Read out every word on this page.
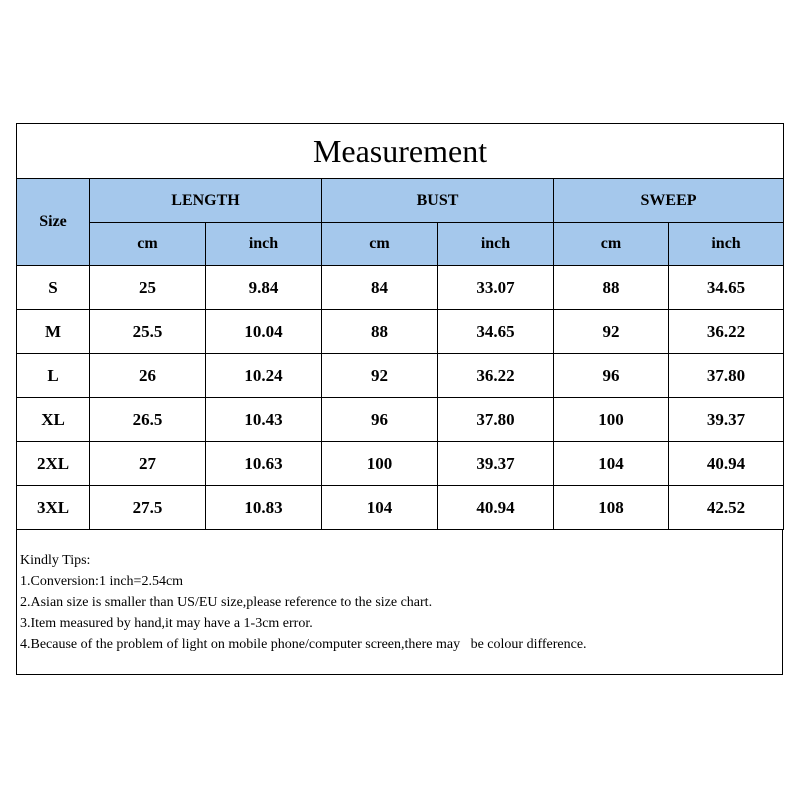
Measurement						
Size	LENGTH		BUST		SWEEP	
	cm	inch	cm	inch	cm	inch
S	25	9.84	84	33.07	88	34.65
M	25.5	10.04	88	34.65	92	36.22
L	26	10.24	92	36.22	96	37.80
XL	26.5	10.43	96	37.80	100	39.37
2XL	27	10.63	100	39.37	104	40.94
3XL	27.5	10.83	104	40.94	108	42.52
Kindly Tips:
1.Conversion:1 inch=2.54cm
2.Asian size is smaller than US/EU size,please reference to the size chart.
3.Item measured by hand,it may have a 1-3cm error.
4.Because of the problem of light on mobile phone/computer screen,there may   be colour difference.
